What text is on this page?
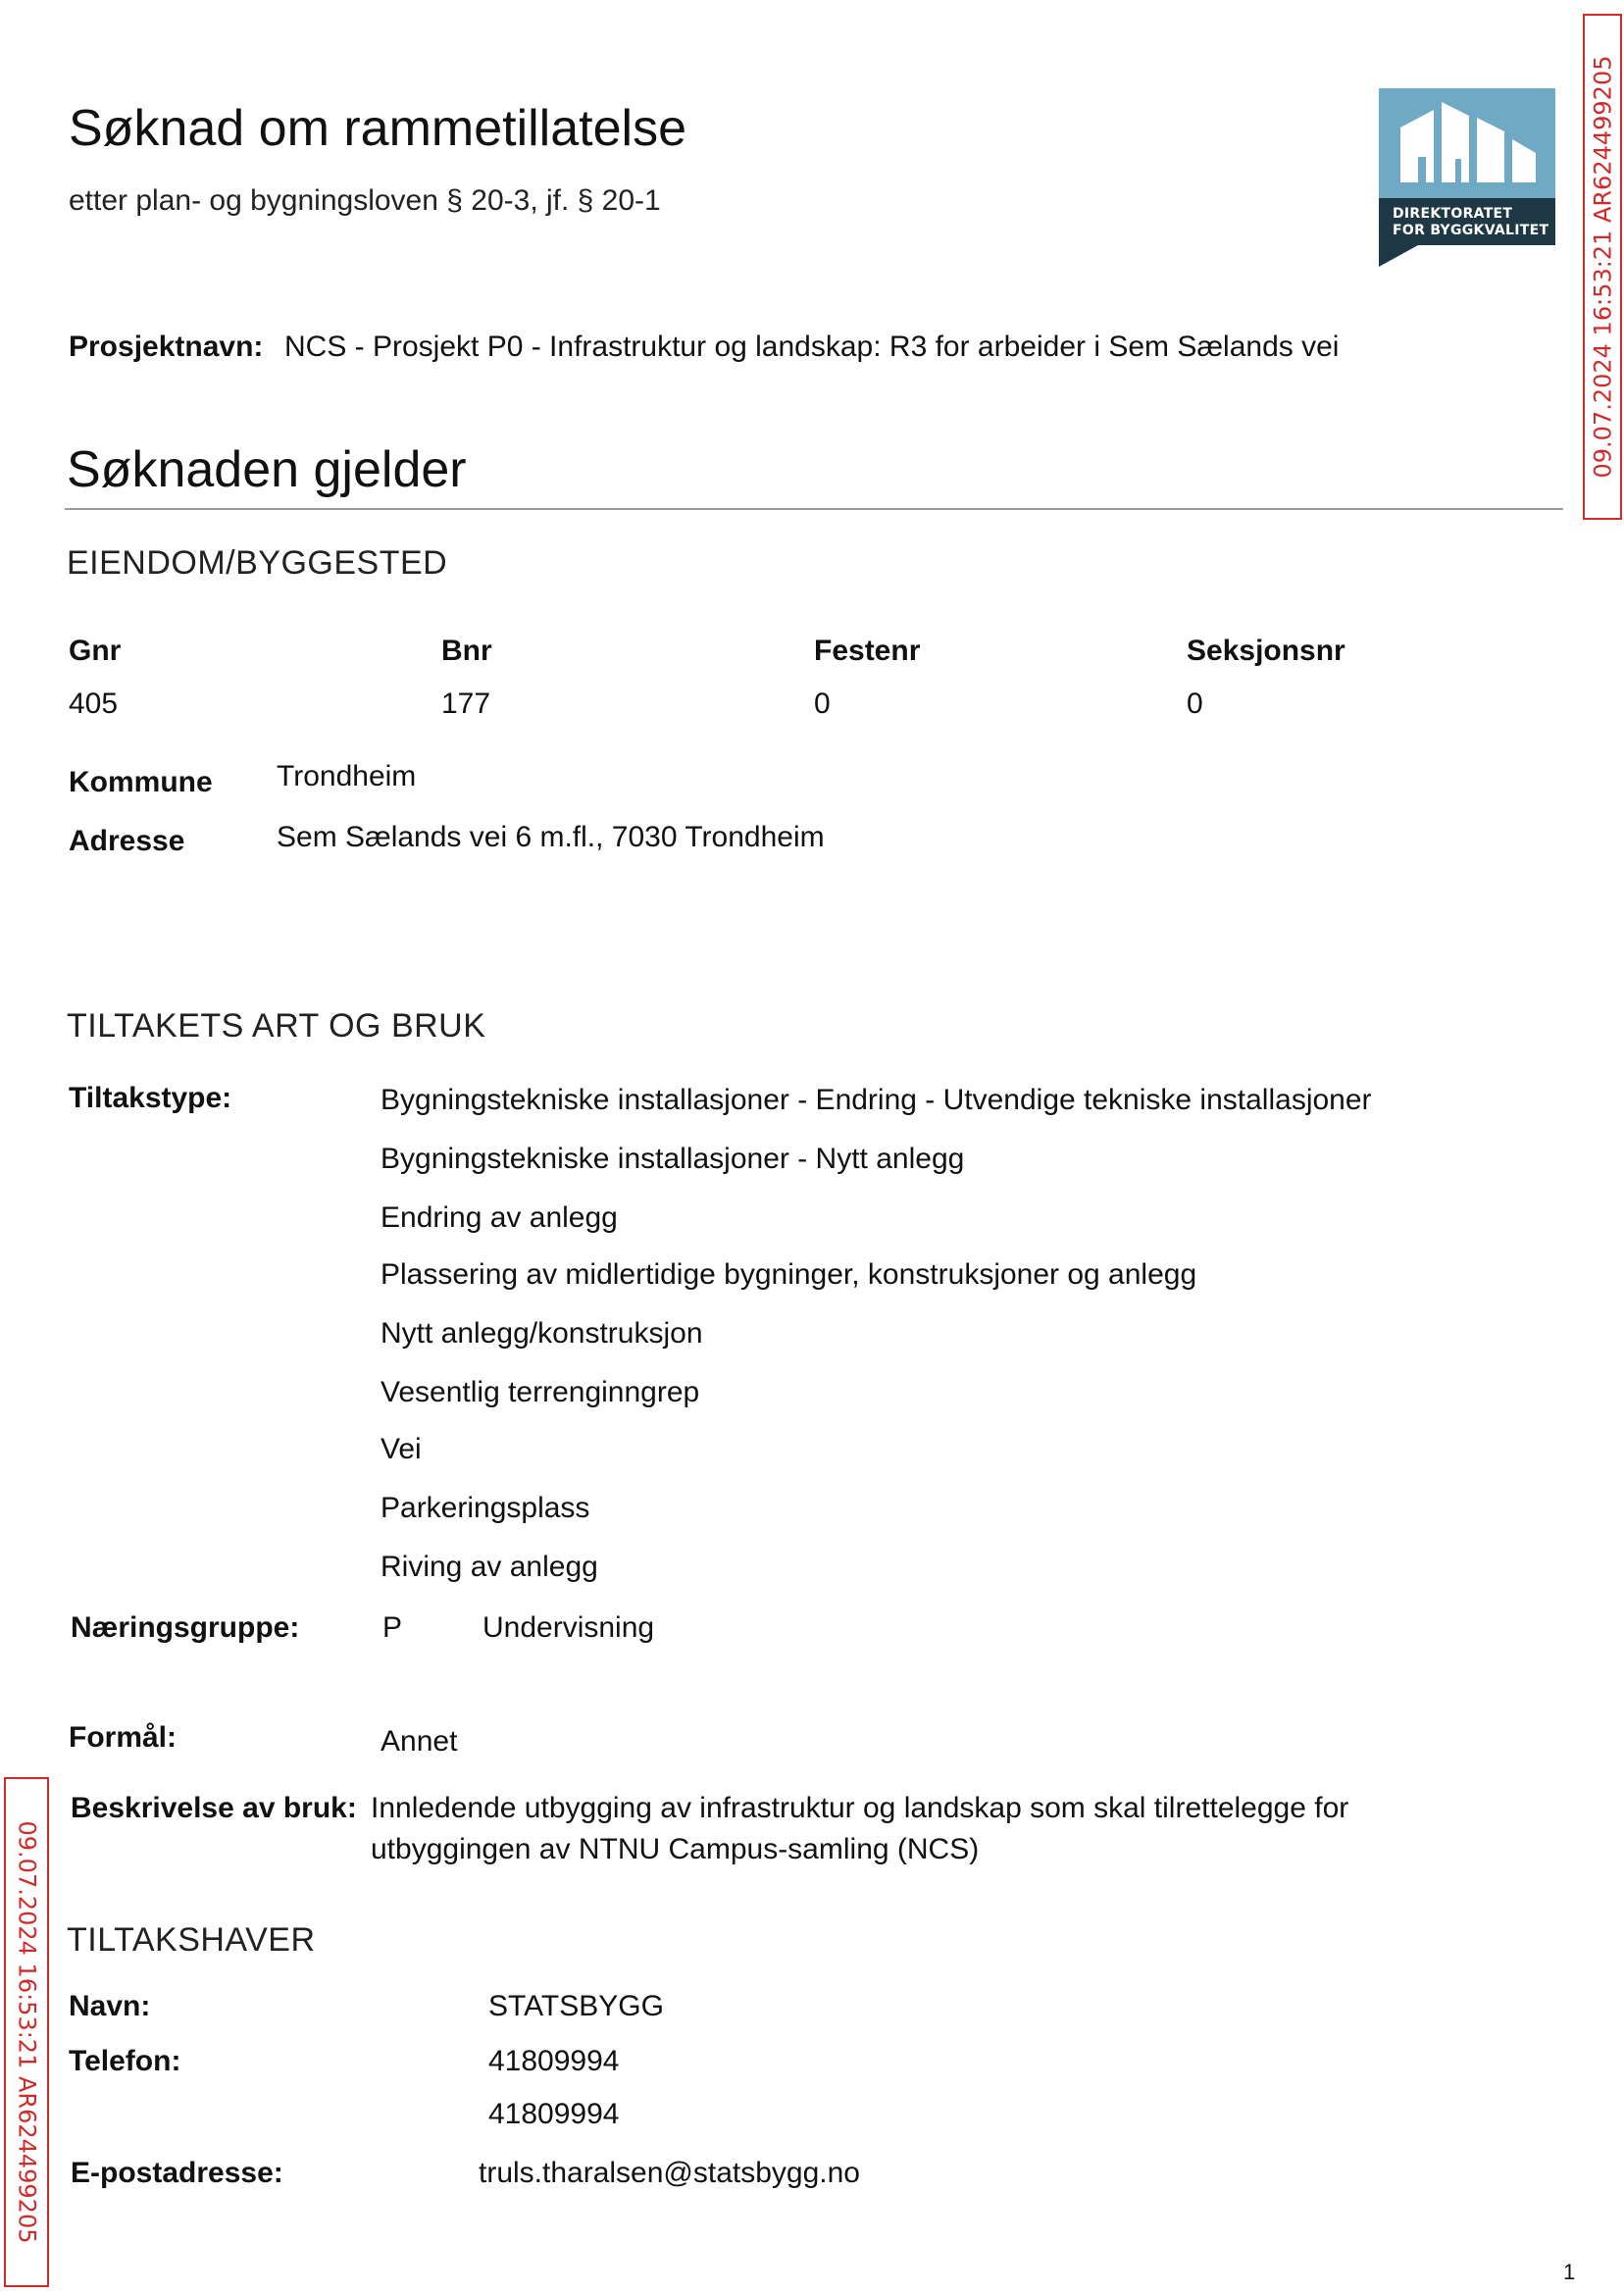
09.07.2024 16:53:21 AR624499205
09.07.2024 16:53:21 AR624499205
DIREKTORATET
FOR BYGGKVALITET
Søknad om rammetillatelse
etter plan- og bygningsloven § 20-3, jf. § 20-1
Prosjektnavn: NCS - Prosjekt P0 - Infrastruktur og landskap: R3 for arbeider i Sem Sælands vei
Søknaden gjelder
EIENDOM/BYGGESTED
Gnr	Bnr	Festenr	Seksjonsnr
405	177	0	0
Kommune Trondheim
Adresse	Sem Sælands vei 6 m.fl., 7030 Trondheim
TILTAKETS ART OG BRUK
Tiltakstype:	Bygningstekniske installasjoner - Endring - Utvendige tekniske installasjoner
Bygningstekniske installasjoner - Nytt anlegg
Endring av anlegg
Plassering av midlertidige bygninger, konstruksjoner og anlegg
Nytt anlegg/konstruksjon
Vesentlig terrenginngrep
Vei
Parkeringsplass
Riving av anlegg
Næringsgruppe:	P	Undervisning
Formål:	Annet
Beskrivelse av bruk: Innledende utbygging av infrastruktur og landskap som skal tilrettelegge for
utbyggingen av NTNU Campus-samling (NCS)
TILTAKSHAVER
Navn:	STATSBYGG
Telefon:	41809994
41809994
E-postadresse:	truls.tharalsen@statsbygg.no
1
